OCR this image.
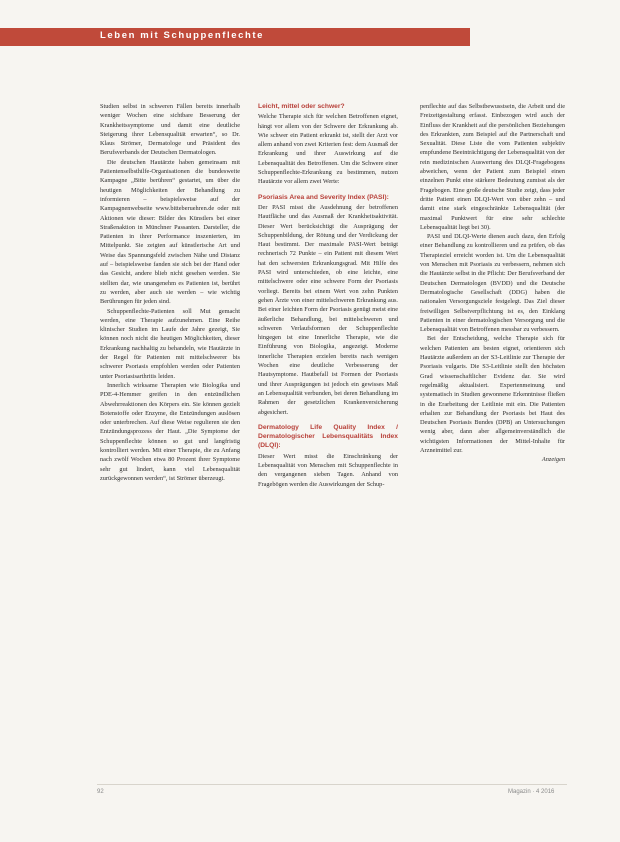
Leben mit Schuppenflechte

Studien selbst in schweren Fällen bereits innerhalb weniger Wochen eine sichtbare Besserung der Krankheitssymptome und damit eine deutliche Steigerung ihrer Lebensqualität erwarten“, so Dr. Klaus Strömer, Dermatologe und Präsident des Berufsverbands der Deutschen Dermatologen.

Die deutschen Hautärzte haben gemeinsam mit Patientenselbsthilfe-Organisationen die bundesweite Kampagne „Bitte berühren“ gestartet, um über die heutigen Möglichkeiten der Behandlung zu informieren – beispielsweise auf der Kampagnenwebseite www.bitteberuehren.de oder mit Aktionen wie dieser: Bilder des Künstlers bei einer Straßenaktion in Münchner Passanten. Darsteller, die Patienten in ihrer Performance inszenierten, im Mittelpunkt. Sie zeigten auf künstlerische Art und Weise das Spannungsfeld zwischen Nähe und Distanz auf – beispielsweise fanden sie sich bei der Hand oder das Gesicht, andere blieb nicht gesehen werden. Sie stellten dar, wie unangenehm es Patienten ist, berührt zu werden, aber auch sie werden – wie wichtig Berührungen für jeden sind.

Schuppenflechte-Patienten soll Mut gemacht werden, eine Therapie aufzunehmen. Eine Reihe klinischer Studien im Laufe der Jahre gezeigt, Sie können noch nicht die heutigen Möglichkeiten, dieser Erkrankung nachhaltig zu behandeln, wie Hautärzte in der Regel für Patienten mit mittelschwerer bis schwerer Psoriasis empfohlen werden oder Patienten unter Psoriasisarthritis leiden.

Innerlich wirksame Therapien wie Biologika und PDE-4-Hemmer greifen in den entzündlichen Abwehrreaktionen des Körpers ein. Sie können gezielt Botenstoffe oder Enzyme, die Entzündungen auslösen oder unterbrechen. Auf diese Weise regulieren sie den Entzündungsprozess der Haut. „Die Symptome der Schuppenflechte können so gut und langfristig kontrolliert werden. Mit einer Therapie, die zu Anfang nach zwölf Wochen etwa 80 Prozent ihrer Symptome sehr gut lindert, kann viel Lebensqualität zurückgewonnen werden“, ist Strömer überzeugt.

Leicht, mittel oder schwer?

Welche Therapie sich für welchen Betroffenen eignet, hängt vor allem von der Schwere der Erkrankung ab. Wie schwer ein Patient erkrankt ist, stellt der Arzt vor allem anhand von zwei Kriterien fest: dem Ausmaß der Erkrankung und ihrer Auswirkung auf die Lebensqualität des Betroffenen. Um die Schwere einer Schuppenflechte-Erkrankung zu bestimmen, nutzen Hautärzte vor allem zwei Werte:

Psoriasis Area and Severity Index (PASI):

Der PASI misst die Ausdehnung der betroffenen Hautfläche und das Ausmaß der Krankheitsaktivität. Dieser Wert berücksichtigt die Ausprägung der Schuppenbildung, der Rötung und der Verdickung der Haut bestimmt. Der maximale PASI-Wert beträgt rechnerisch 72 Punkte – ein Patient mit diesem Wert hat den schwersten Erkrankungsgrad. Mit Hilfe des PASI wird unterschieden, ob eine leichte, eine mittelschwere oder eine schwere Form der Psoriasis vorliegt. Bereits bei einem Wert von zehn Punkten gehen Ärzte von einer mittelschweren Erkrankung aus. Bei einer leichten Form der Psoriasis genügt meist eine äußerliche Behandlung, bei mittelschweren und schweren Verlaufsformen der Schuppenflechte hingegen ist eine Innerliche Therapie, wie die Einführung von Biologika, angezeigt. Moderne innerliche Therapien erzielen bereits nach wenigen Wochen eine deutliche Verbesserung der Hautsymptome. Hautbefall ist Formen der Psoriasis und ihrer Ausprägungen ist jedoch ein gewisses Maß an Lebensqualität verbunden, bei deren Behandlung im Rahmen der gesetzlichen Krankenversicherung abgesichert.

Dermatology Life Quality Index / Dermatologischer Lebensqualitäts Index (DLQI):

Dieser Wert misst die Einschränkung der Lebensqualität von Menschen mit Schuppenflechte in den vergangenen sieben Tagen. Anhand von Fragebögen werden die Auswirkungen der Schup-

penflechte auf das Selbstbewusstsein, die Arbeit und die Freizeitgestaltung erfasst. Einbezogen wird auch der Einfluss der Krankheit auf die persönlichen Beziehungen des Erkrankten, zum Beispiel auf die Partnerschaft und Sexualität. Diese Liste die vom Patienten subjektiv empfundene Beeinträchtigung der Lebensqualität von der rein medizinischen Auswertung des DLQI-Fragebogens abweichen, wenn der Patient zum Beispiel einen einzelnen Punkt eine stärkere Bedeutung zumisst als der Fragebogen. Eine große deutsche Studie zeigt, dass jeder dritte Patient einen DLQI-Wert von über zehn – und damit eine stark eingeschränkte Lebensqualität (der maximal Punktwert für eine sehr schlechte Lebensqualität liegt bei 30).

PASI und DLQI-Werte dienen auch dazu, den Erfolg einer Behandlung zu kontrollieren und zu prüfen, ob das Therapieziel erreicht worden ist. Um die Lebensqualität von Menschen mit Psoriasis zu verbessern, nehmen sich die Hautärzte selbst in die Pflicht: Der Berufsverband der Deutschen Dermatologen (BVDD) und die Deutsche Dermatologische Gesellschaft (DDG) haben die nationalen Versorgungsziele festgelegt. Das Ziel dieser freiwilligen Selbstverpflichtung ist es, den Einklang Patienten in einer dermatologischen Versorgung und die Lebensqualität von Betroffenen messbar zu verbessern.

Bei der Entscheidung, welche Therapie sich für welchen Patienten am besten eignet, orientieren sich Hautärzte außerdem an der S3-Leitlinie zur Therapie der Psoriasis vulgaris. Die S3-Leitlinie stellt den höchsten Grad wissenschaftlicher Evidenz dar. Sie wird regelmäßig aktualisiert. Expertenmeinung und systematisch in Studien gewonnene Erkenntnisse fließen in die Erarbeitung der Leitlinie mit ein. Die Patienten erhalten zur Behandlung der Psoriasis bei Haut des Deutschen Psoriasis Bundes (DPB) an Untersuchungen wenig aber, dann aber allgemeinverständlich die wichtigsten Informationen der Mittel-Inhalte für Arzneimittel zur.

Anzeigen

92	Magazin · 4 2016
